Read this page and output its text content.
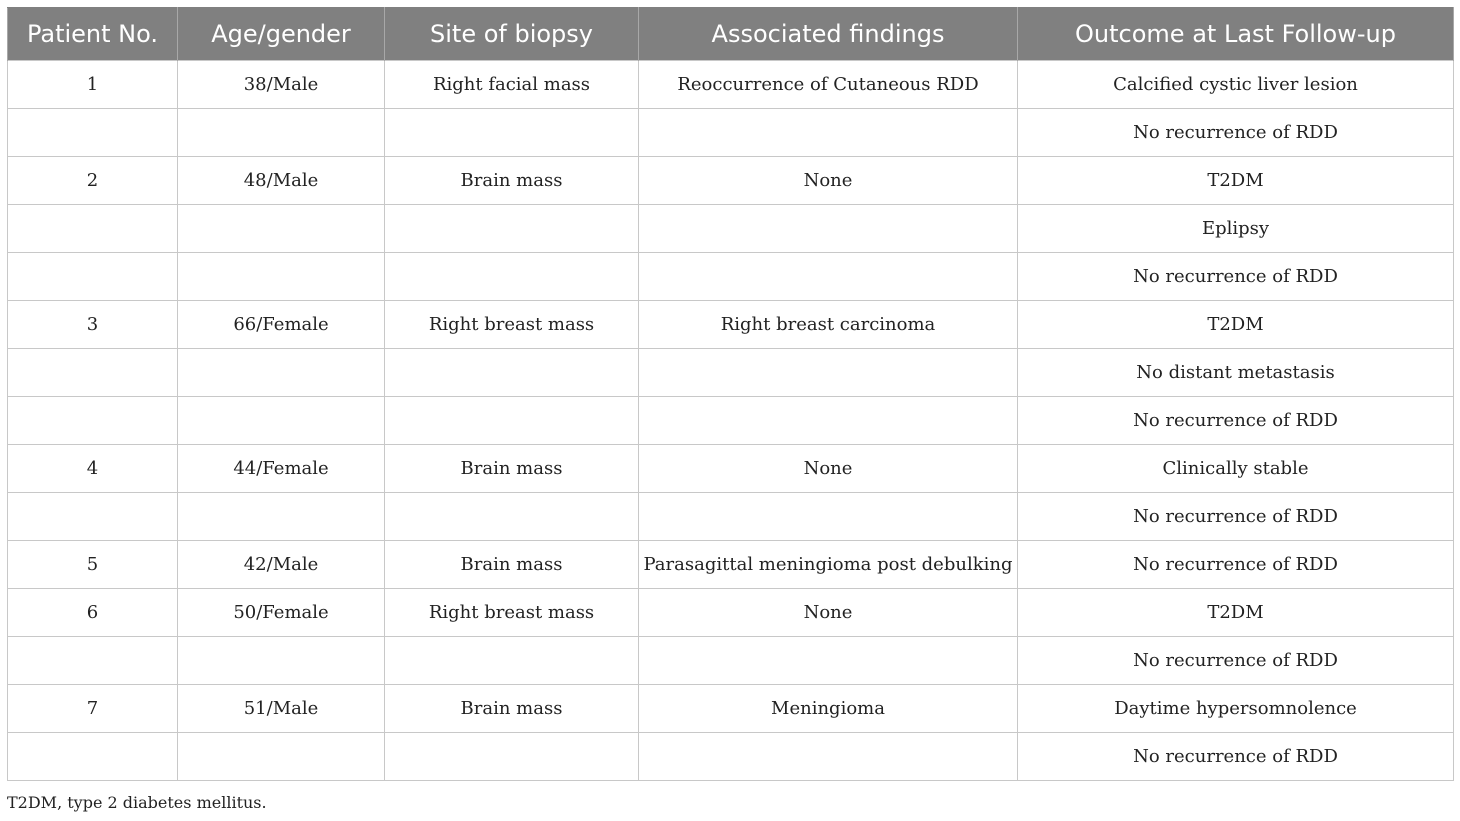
Patient No.	Age/gender	Site of biopsy	Associated findings	Outcome at Last Follow-up
1	38/Male	Right facial mass	Reoccurrence of Cutaneous RDD	Calcified cystic liver lesion
				No recurrence of RDD
2	48/Male	Brain mass	None	T2DM
				Eplipsy
				No recurrence of RDD
3	66/Female	Right breast mass	Right breast carcinoma	T2DM
				No distant metastasis
				No recurrence of RDD
4	44/Female	Brain mass	None	Clinically stable
				No recurrence of RDD
5	42/Male	Brain mass	Parasagittal meningioma post debulking	No recurrence of RDD
6	50/Female	Right breast mass	None	T2DM
				No recurrence of RDD
7	51/Male	Brain mass	Meningioma	Daytime hypersomnolence
				No recurrence of RDD
T2DM, type 2 diabetes mellitus.
